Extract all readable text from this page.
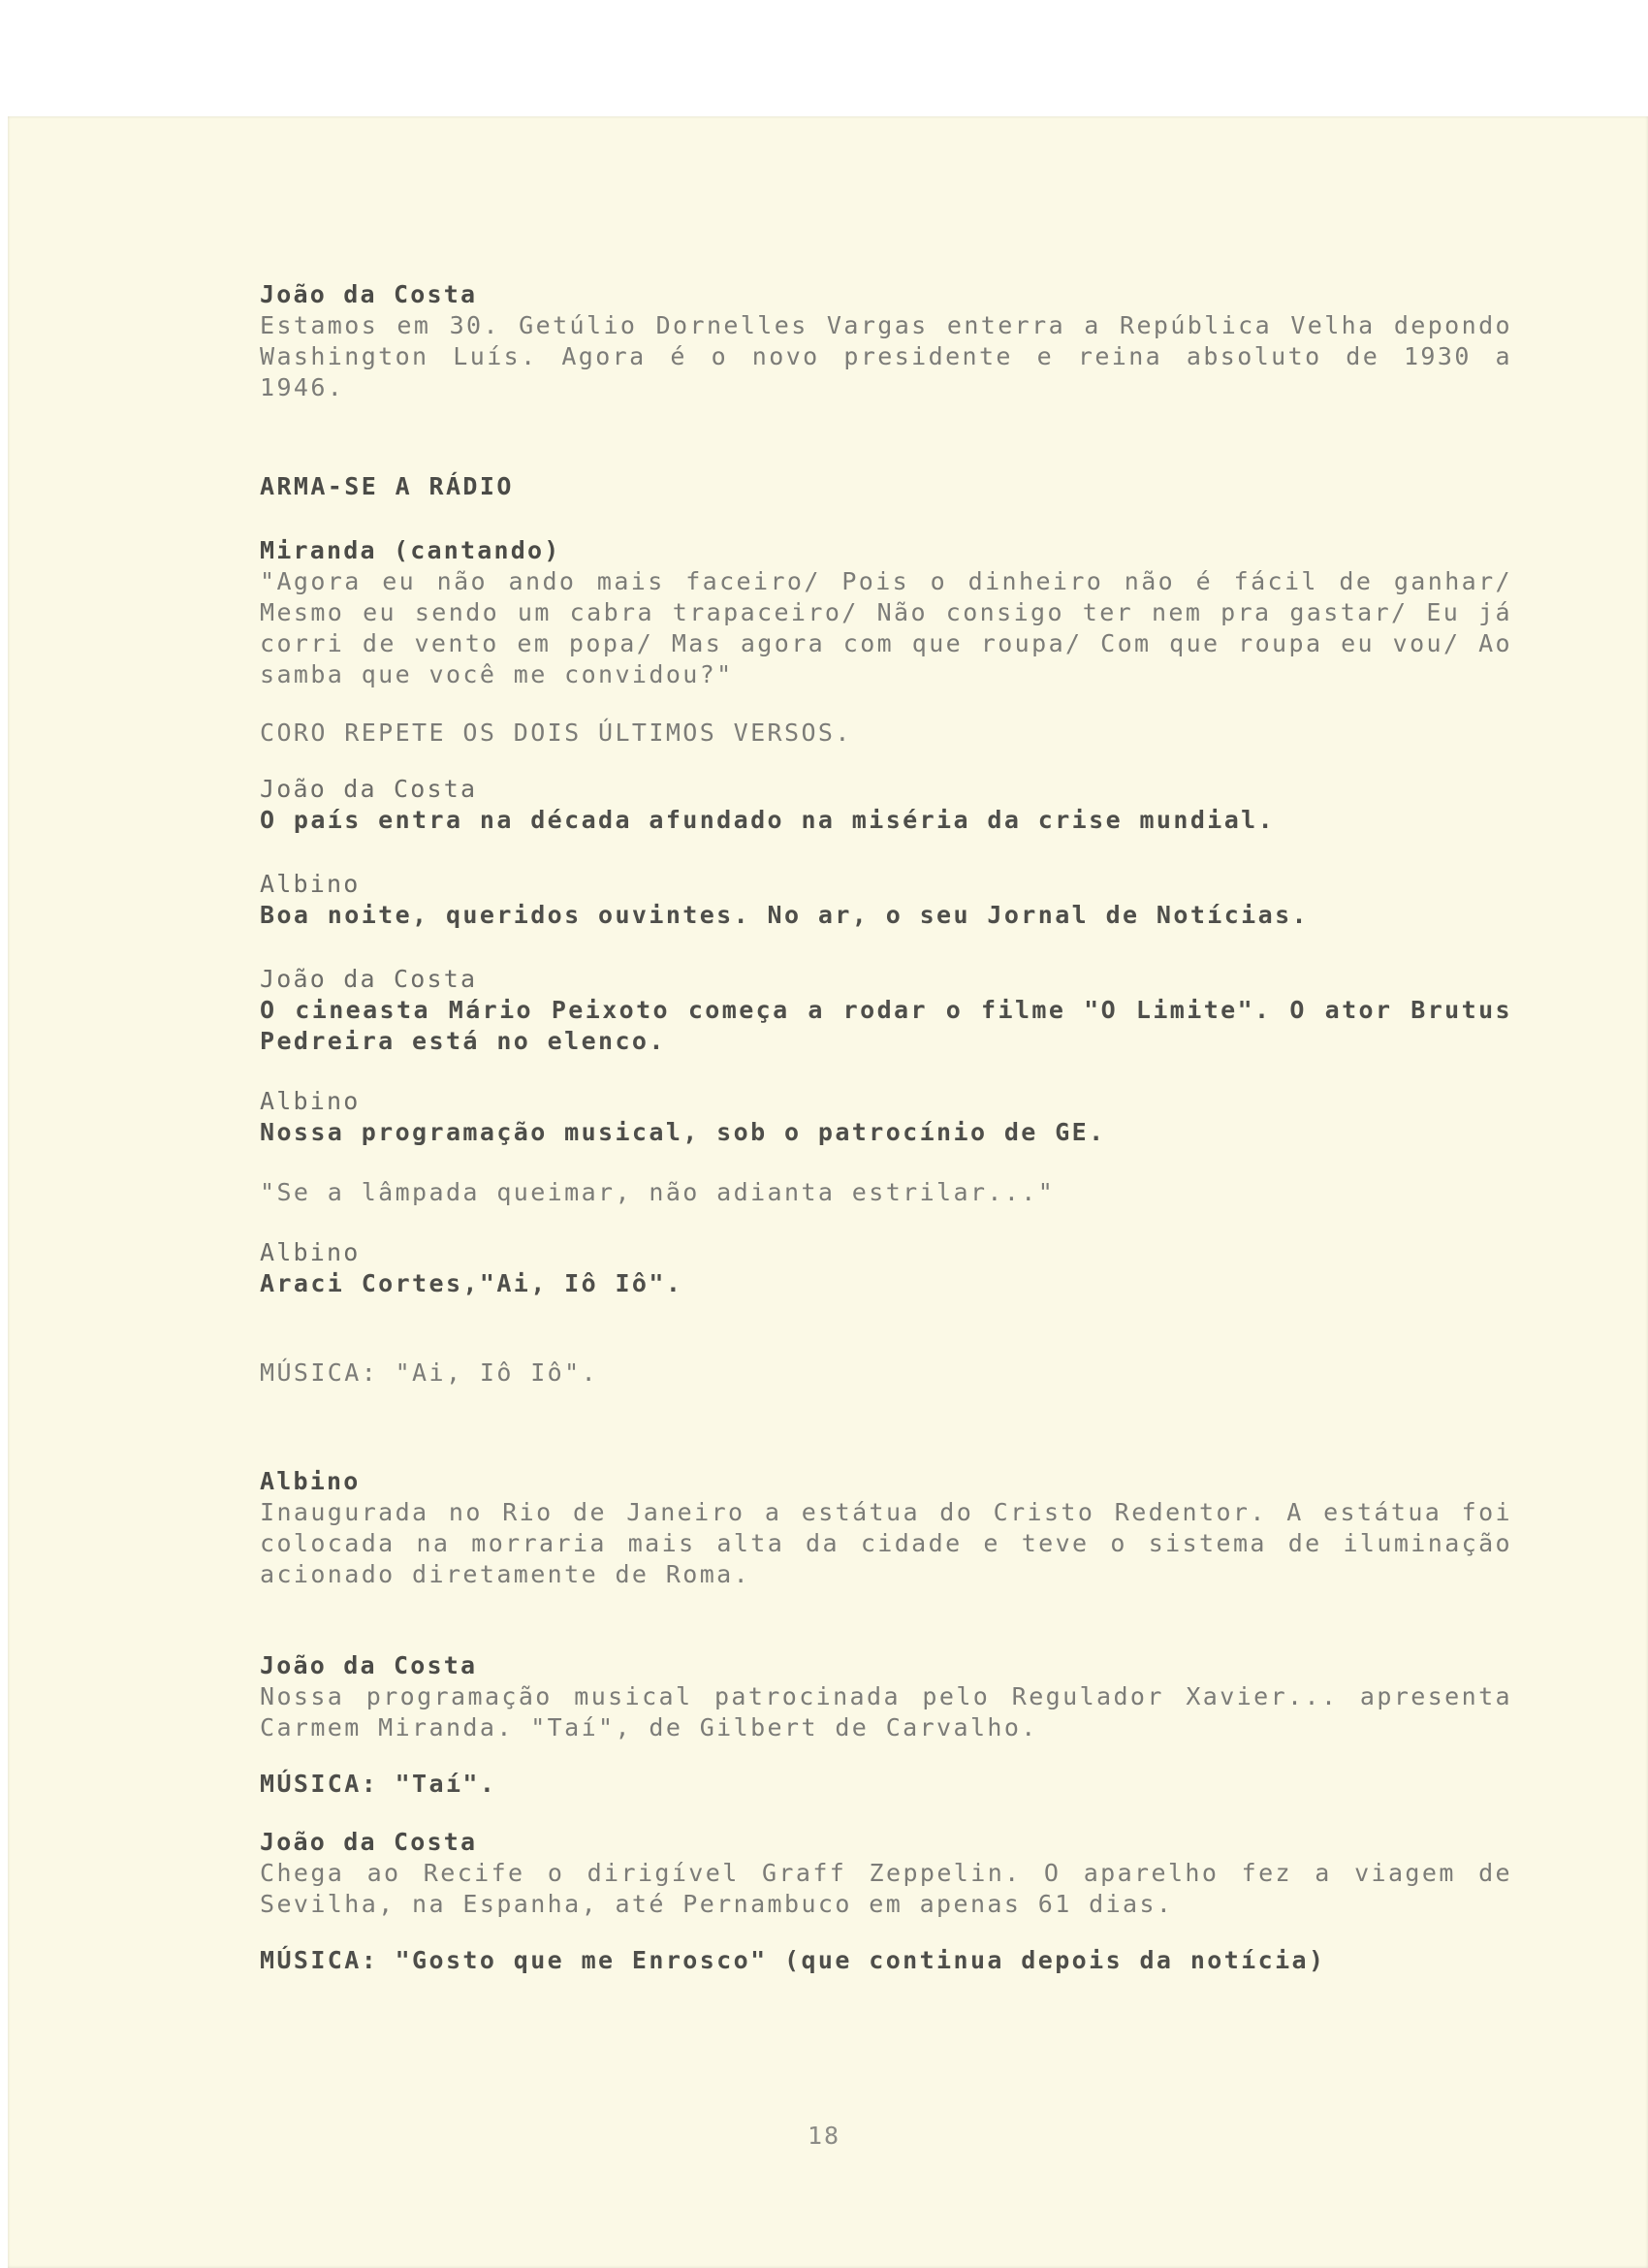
João da Costa
Estamos em 30. Getúlio Dornelles Vargas enterra a República Velha depondo Washington Luís. Agora é o novo presidente e reina absoluto de 1930 a 1946.
ARMA-SE A RÁDIO
Miranda (cantando)
"Agora eu não ando mais faceiro/ Pois o dinheiro não é fácil de ganhar/ Mesmo eu sendo um cabra trapaceiro/ Não consigo ter nem pra gastar/ Eu já corri de vento em popa/ Mas agora com que roupa/ Com que roupa eu vou/ Ao samba que você me convidou?"
CORO REPETE OS DOIS ÚLTIMOS VERSOS.
João da Costa
O país entra na década afundado na miséria da crise mundial.
Albino
Boa noite, queridos ouvintes. No ar, o seu Jornal de Notícias.
João da Costa
O cineasta Mário Peixoto começa a rodar o filme "O Limite". O ator Brutus Pedreira está no elenco.
Albino
Nossa programação musical, sob o patrocínio de GE.
"Se a lâmpada queimar, não adianta estrilar..."
Albino
Araci Cortes,"Ai, Iô Iô".
MÚSICA: "Ai, Iô Iô".
Albino
Inaugurada no Rio de Janeiro a estátua do Cristo Redentor. A estátua foi colocada na morraria mais alta da cidade e teve o sistema de iluminação acionado diretamente de Roma.
João da Costa
Nossa programação musical patrocinada pelo Regulador Xavier... apresenta Carmem Miranda. "Taí", de Gilbert de Carvalho.
MÚSICA: "Taí".
João da Costa
Chega ao Recife o dirigível Graff Zeppelin. O aparelho fez a viagem de Sevilha, na Espanha, até Pernambuco em apenas 61 dias.
MÚSICA: "Gosto que me Enrosco" (que continua depois da notícia)
18
